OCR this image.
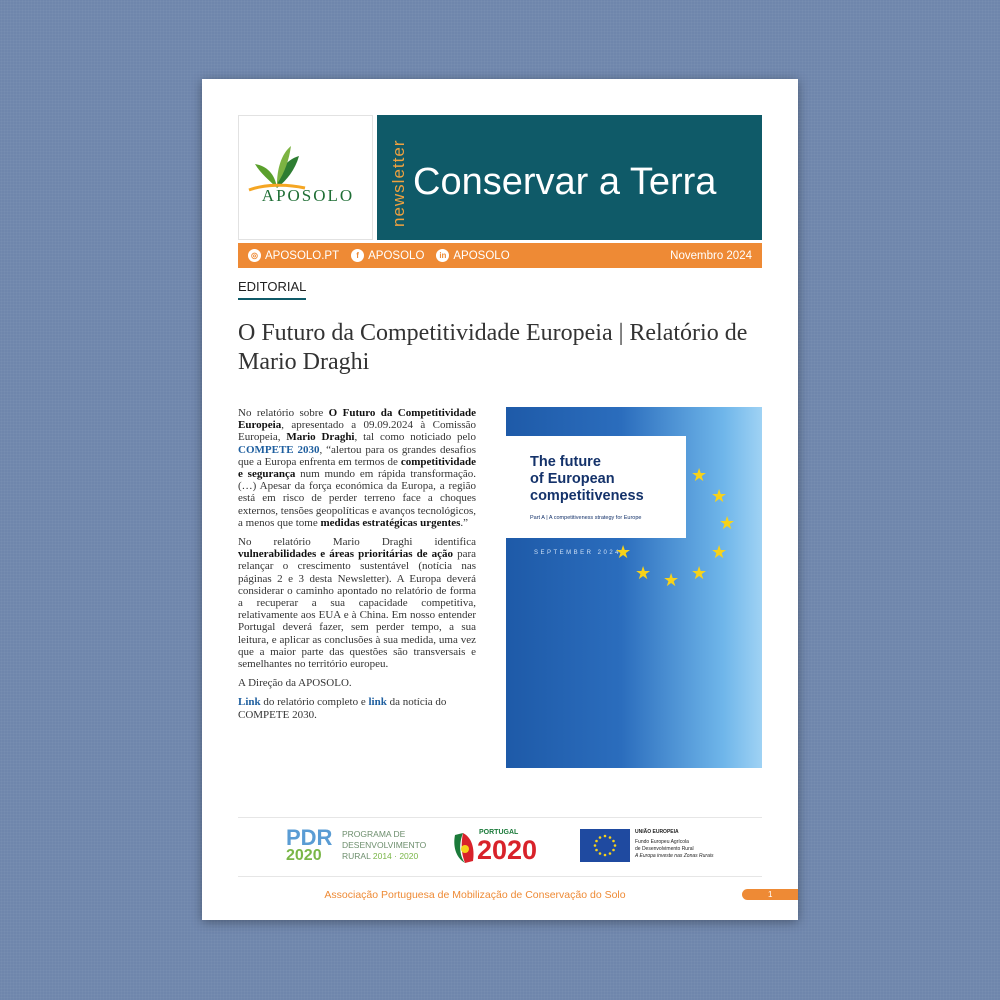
APOSOLO	newsletter Conservar a Terra
◎ APOSOLO.PT	f APOSOLO	in APOSOLO	Novembro 2024
EDITORIAL
O Futuro da Competitividade Europeia | Relatório de Mario Draghi

No relatório sobre O Futuro da Competitividade Europeia, apresentado a 09.09.2024 à Comissão Europeia, Mario Draghi, tal como noticiado pelo COMPETE 2030, “alertou para os grandes desafios que a Europa enfrenta em termos de competitividade e segurança num mundo em rápida transformação. (…) Apesar da força económica da Europa, a região está em risco de perder terreno face a choques externos, tensões geopolíticas e avanços tecnológicos, a menos que tome medidas estratégicas urgentes.”

No relatório Mario Draghi identifica vulnerabilidades e áreas prioritárias de ação para relançar o crescimento sustentável (notícia nas páginas 2 e 3 desta Newsletter). A Europa deverá considerar o caminho apontado no relatório de forma a recuperar a sua capacidade competitiva, relativamente aos EUA e à China. Em nosso entender Portugal deverá fazer, sem perder tempo, a sua leitura, e aplicar as conclusões à sua medida, uma vez que a maior parte das questões são transversais e semelhantes no território europeu.

A Direção da APOSOLO.

Link do relatório completo e link da notícia do COMPETE 2030.

The future
of European
competitiveness
Part A | A competitiveness strategy for Europe
SEPTEMBER 2024
★
★
★
★
★
★
★
★
PDR
2020
PROGRAMA DE
DESENVOLVIMENTO
RURAL 2014 · 2020
PORTUGAL
2020
UNIÃO EUROPEIA
Fundo Europeu Agrícola
de Desenvolvimento Rural
A Europa investe nas Zonas Rurais
Associação Portuguesa de Mobilização de Conservação do Solo	1
